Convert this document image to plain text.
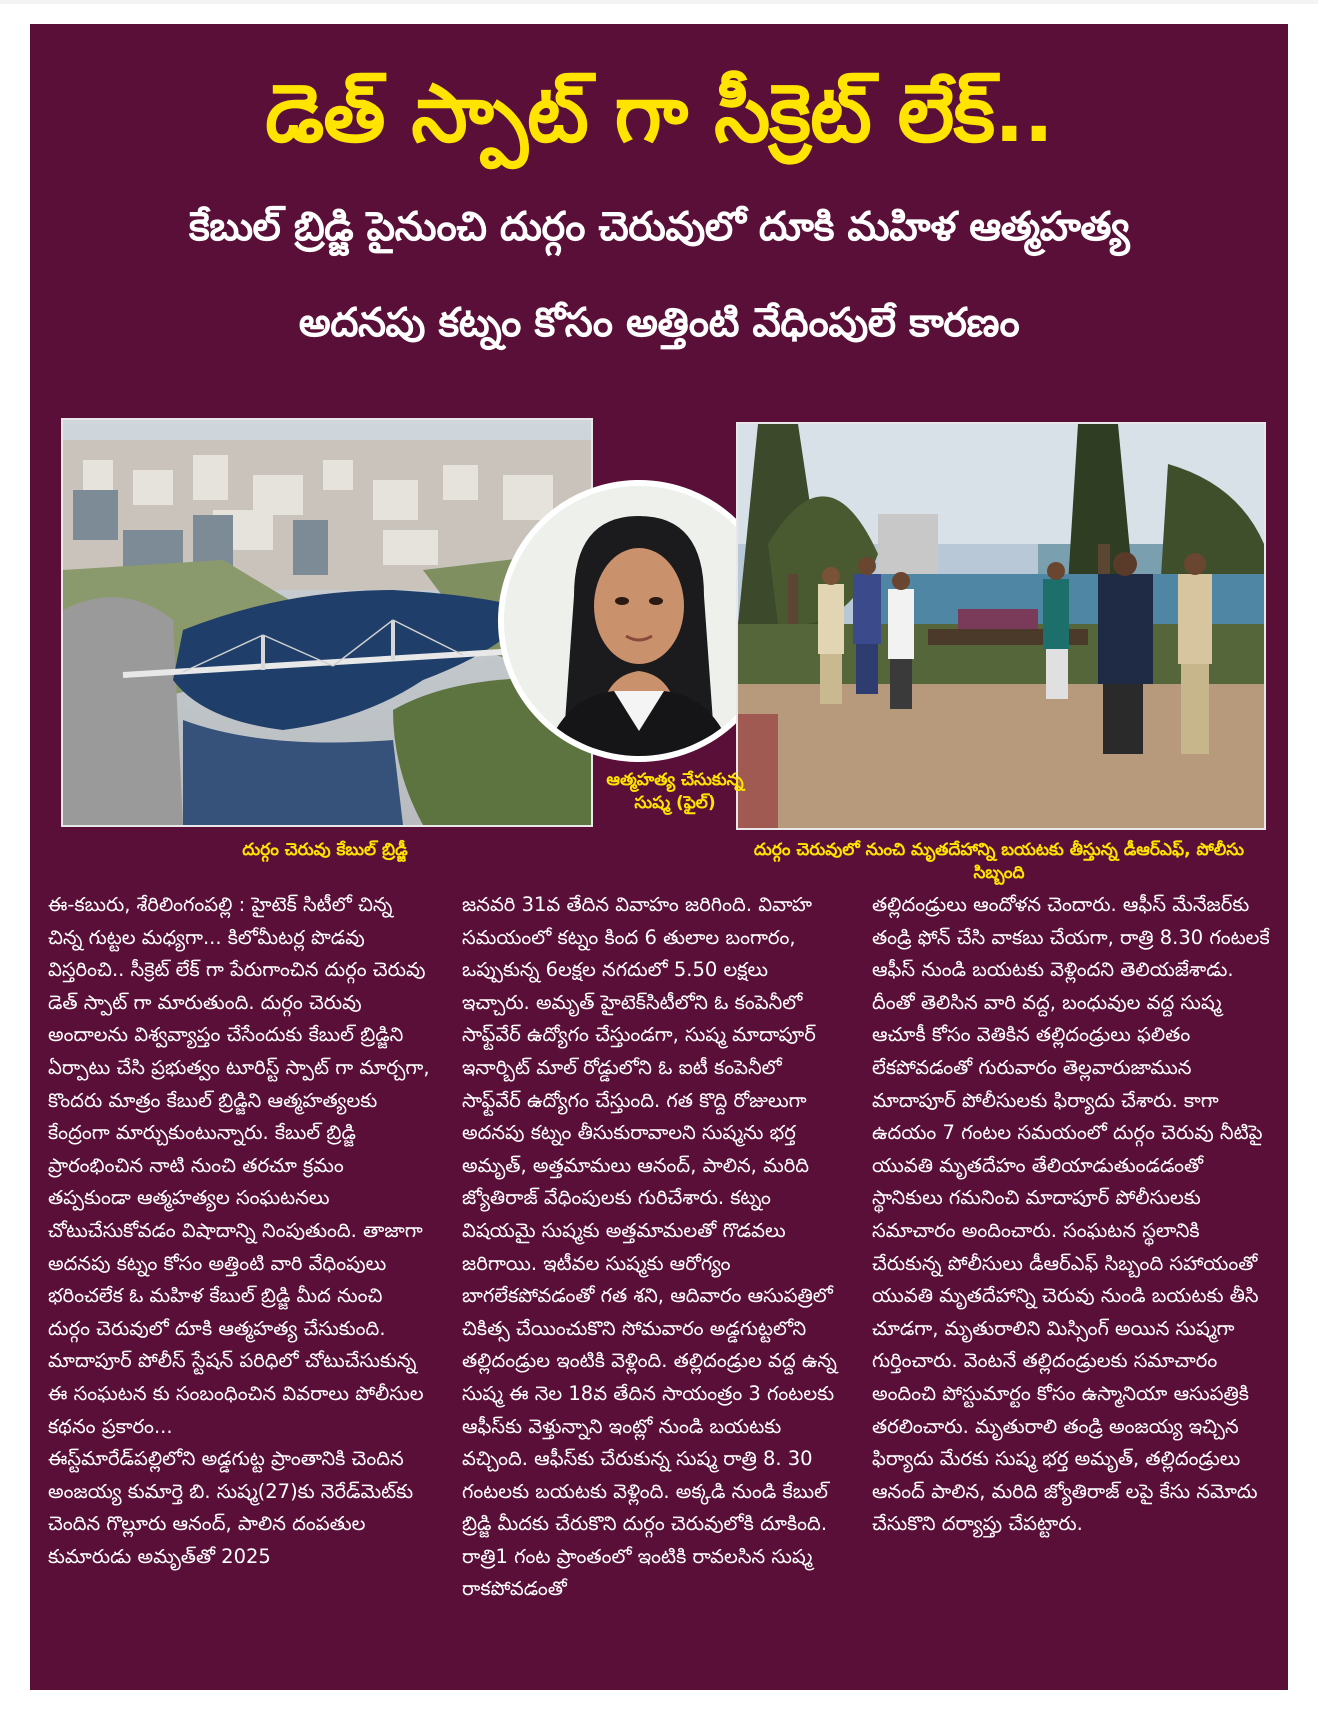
డెత్ స్పాట్ గా సీక్రెట్ లేక్..
కేబుల్ బ్రిడ్జి పైనుంచి దుర్గం చెరువులో దూకి మహిళ ఆత్మహత్య
అదనపు కట్నం కోసం అత్తింటి వేధింపులే కారణం
దుర్గం చెరువు కేబుల్ బ్రిడ్జీ
ఆత్మహత్య చేసుకున్న సుష్మ (ఫైల్)
దుర్గం చెరువులో నుంచి మృతదేహాన్ని బయటకు తీస్తున్న డీఆర్ఎఫ్, పోలీసు సిబ్బంది

ఈ-కబురు, శేరిలింగంపల్లి : హైటెక్ సిటీలో చిన్న చిన్న గుట్టల మధ్యగా... కిలోమీటర్ల పొడవు విస్తరించి.. సీక్రెట్ లేక్ గా పేరుగాంచిన దుర్గం చెరువు డెత్ స్పాట్ గా మారుతుంది. దుర్గం చెరువు అందాలను విశ్వవ్యాప్తం చేసేందుకు కేబుల్ బ్రిడ్జిని ఏర్పాటు చేసి ప్రభుత్వం టూరిస్ట్ స్పాట్ గా మార్చగా, కొందరు మాత్రం కేబుల్ బ్రిడ్జిని ఆత్మహత్యలకు కేంద్రంగా మార్చుకుంటున్నారు. కేబుల్ బ్రిడ్జి ప్రారంభించిన నాటి నుంచి తరచూ క్రమం తప్పకుండా ఆత్మహత్యల సంఘటనలు చోటుచేసుకోవడం విషాదాన్ని నింపుతుంది. తాజాగా అదనపు కట్నం కోసం అత్తింటి వారి వేధింపులు భరించలేక ఓ మహిళ కేబుల్ బ్రిడ్జి మీద నుంచి దుర్గం చెరువులో దూకి ఆత్మహత్య చేసుకుంది. మాదాపూర్ పోలీస్ స్టేషన్ పరిధిలో చోటుచేసుకున్న ఈ సంఘటన కు సంబంధించిన వివరాలు పోలీసుల కథనం ప్రకారం...

ఈస్ట్‌మారేడ్‌పల్లిలోని అడ్డగుట్ట ప్రాంతానికి చెందిన అంజయ్య కుమార్తె బి. సుష్మ(27)కు నెరేడ్‌మెట్‌కు చెందిన గొల్లూరు ఆనంద్, పాలిన దంపతుల కుమారుడు అమృత్‌తో 2025

జనవరి 31వ తేదిన వివాహం జరిగింది. వివాహ సమయంలో కట్నం కింద 6 తులాల బంగారం, ఒప్పుకున్న 6లక్షల నగదులో 5.50 లక్షలు ఇచ్చారు. అమృత్ హైటెక్‌సిటీలోని ఓ కంపెనీలో సాఫ్ట్‌వేర్ ఉద్యోగం చేస్తుండగా, సుష్మ మాదాపూర్ ఇనార్బిట్ మాల్ రోడ్డులోని ఓ ఐటీ కంపెనీలో సాఫ్ట్‌వేర్ ఉద్యోగం చేస్తుంది. గత కొద్ది రోజులుగా అదనపు కట్నం తీసుకురావాలని సుష్మను భర్త అమృత్, అత్తమామలు ఆనంద్, పాలిన, మరిది జ్యోతిరాజ్ వేధింపులకు గురిచేశారు. కట్నం విషయమై సుష్మకు అత్తమామలతో గొడవలు జరిగాయి. ఇటీవల సుష్మకు ఆరోగ్యం బాగలేకపోవడంతో గత శని, ఆదివారం ఆసుపత్రిలో చికిత్స చేయించుకొని సోమవారం అడ్డగుట్టలోని తల్లిదండ్రుల ఇంటికి వెళ్లింది. తల్లిదండ్రుల వద్ద ఉన్న సుష్మ ఈ నెల 18వ తేదిన సాయంత్రం 3 గంటలకు ఆఫీస్‌కు వెళ్తున్నాని ఇంట్లో నుండి బయటకు వచ్చింది. ఆఫీస్‌కు చేరుకున్న సుష్మ రాత్రి 8. 30 గంటలకు బయటకు వెళ్లింది. అక్కడి నుండి కేబుల్ బ్రిడ్జి మీదకు చేరుకొని దుర్గం చెరువులోకి దూకింది. రాత్రి1 గంట ప్రాంతంలో ఇంటికి రావలసిన సుష్మ రాకపోవడంతో

తల్లిదండ్రులు ఆందోళన చెందారు. ఆఫీస్ మేనేజర్‌కు తండ్రి ఫోన్ చేసి వాకబు చేయగా, రాత్రి 8.30 గంటలకే ఆఫీస్ నుండి బయటకు వెళ్లిందని తెలియజేశాడు. దీంతో తెలిసిన వారి వద్ద, బంధువుల వద్ద సుష్మ ఆచూకీ కోసం వెతికిన తల్లిదండ్రులు ఫలితం లేకపోవడంతో గురువారం తెల్లవారుజామున మాదాపూర్ పోలీసులకు ఫిర్యాదు చేశారు. కాగా ఉదయం 7 గంటల సమయంలో దుర్గం చెరువు నీటిపై యువతి మృతదేహం తేలియాడుతుండడంతో స్థానికులు గమనించి మాదాపూర్ పోలీసులకు సమాచారం అందించారు. సంఘటన స్థలానికి చేరుకున్న పోలీసులు డీఆర్ఎఫ్ సిబ్బంది సహాయంతో యువతి మృతదేహాన్ని చెరువు నుండి బయటకు తీసి చూడగా, మృతురాలిని మిస్సింగ్ అయిన సుష్మగా గుర్తించారు. వెంటనే తల్లిదండ్రులకు సమాచారం అందించి పోస్టుమార్టం కోసం ఉస్మానియా ఆసుపత్రికి తరలించారు. మృతురాలి తండ్రి అంజయ్య ఇచ్చిన ఫిర్యాదు మేరకు సుష్మ భర్త అమృత్, తల్లిదండ్రులు ఆనంద్ పాలిన, మరిది జ్యోతిరాజ్ లపై కేసు నమోదు చేసుకొని దర్యాప్తు చేపట్టారు.
